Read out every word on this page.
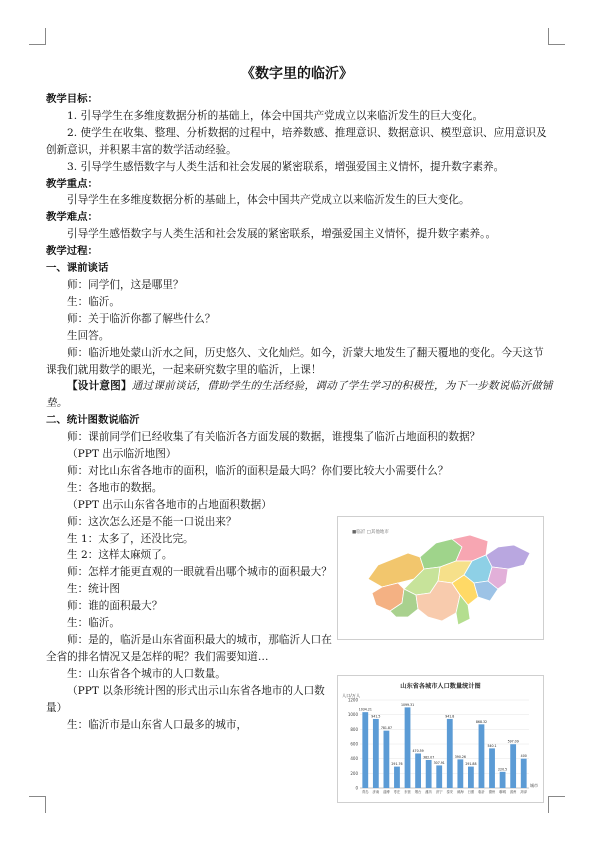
《数字里的临沂》

教学目标：

1. 引导学生在多维度数据分析的基础上，体会中国共产党成立以来临沂发生的巨大变化。

2. 使学生在收集、整理、分析数据的过程中，培养数感、推理意识、数据意识、模型意识、应用意识及创新意识，并积累丰富的数学活动经验。

3. 引导学生感悟数字与人类生活和社会发展的紧密联系，增强爱国主义情怀，提升数字素养。

教学重点：

引导学生在多维度数据分析的基础上，体会中国共产党成立以来临沂发生的巨大变化。

教学难点：

引导学生感悟数字与人类生活和社会发展的紧密联系，增强爱国主义情怀，提升数字素养。。

教学过程：

一、课前谈话

师：同学们，这是哪里？

生：临沂。

师：关于临沂你都了解些什么？

生回答。

师：临沂地处蒙山沂水之间，历史悠久、文化灿烂。如今，沂蒙大地发生了翻天覆地的变化。今天这节课我们就用数学的眼光，一起来研究数字里的临沂，上课！

【设计意图】通过课前谈话，借助学生的生活经验，调动了学生学习的积极性，为下一步数说临沂做铺垫。

二、统计图数说临沂

师：课前同学们已经收集了有关临沂各方面发展的数据，谁搜集了临沂占地面积的数据？

（PPT 出示临沂地图）

师：对比山东省各地市的面积，临沂的面积是最大吗？你们要比较大小需要什么？

生：各地市的数据。

（PPT 出示山东省各地市的占地面积数据）

师：这次怎么还是不能一口说出来？

生 1：太多了，还没比完。

生 2：这样太麻烦了。

师：怎样才能更直观的一眼就看出哪个城市的面积最大？

生：统计图

师：谁的面积最大？

生：临沂。

师：是的，临沂是山东省面积最大的城市，那临沂人口在全省的排名情况又是怎样的呢？我们需要知道…

生：山东省各个城市的人口数量。

（PPT 以条形统计图的形式出示山东省各地市的人口数量）

生：临沂市是山东省人口最多的城市，

■临沂 □其他地市
山东省各城市人口数量统计图
人口/万人
0
200
400
600
800
1000
1200
1034.21
青岛
941.5
济南
781.87
淄博
291.76
枣庄
1099.31
东营
470.59
烟台
382.07
潍坊
307.91
济宁
941.8
泰安
390.26
威海
291.88
日照
868.32
临沂
540.1
德州
220.5
聊城
597.09
滨州
400
菏泽
城市
